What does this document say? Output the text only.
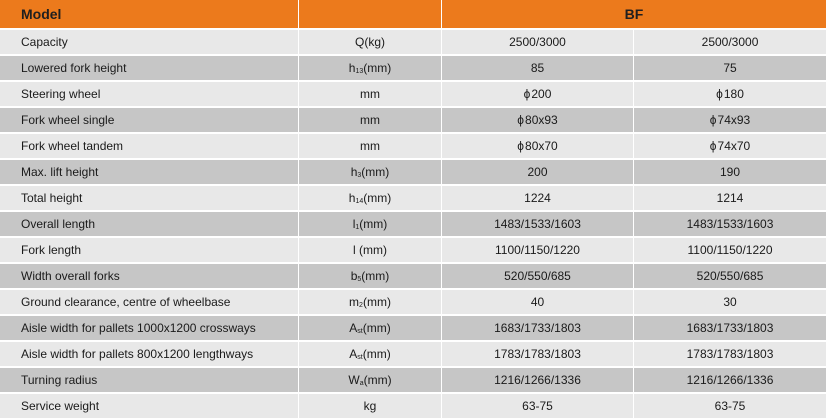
Model		BF	
Capacity	Q(kg)	2500/3000	2500/3000
Lowered fork height	$h_{13}(mm)$	85	75
Steering wheel	mm	ϕ200	ϕ180
Fork wheel single	mm	ϕ80x93	ϕ74x93
Fork wheel tandem	mm	ϕ80x70	ϕ74x70
Max. lift height	$h_3(mm)$	200	190
Total height	$h_{14}(mm)$	1224	1214
Overall length	$l_1(mm)$	1483/1533/1603	1483/1533/1603
Fork length	l (mm)	1100/1150/1220	1100/1150/1220
Width overall forks	$b_5(mm)$	520/550/685	520/550/685
Ground clearance, centre of wheelbase	$m_2(mm)$	40	30
Aisle width for pallets 1000x1200 crossways	$A_{st}(mm)$	1683/1733/1803	1683/1733/1803
Aisle width for pallets 800x1200 lengthways	$A_{st}(mm)$	1783/1783/1803	1783/1783/1803
Turning radius	$W_a(mm)$	1216/1266/1336	1216/1266/1336
Service weight	kg	63-75	63-75
